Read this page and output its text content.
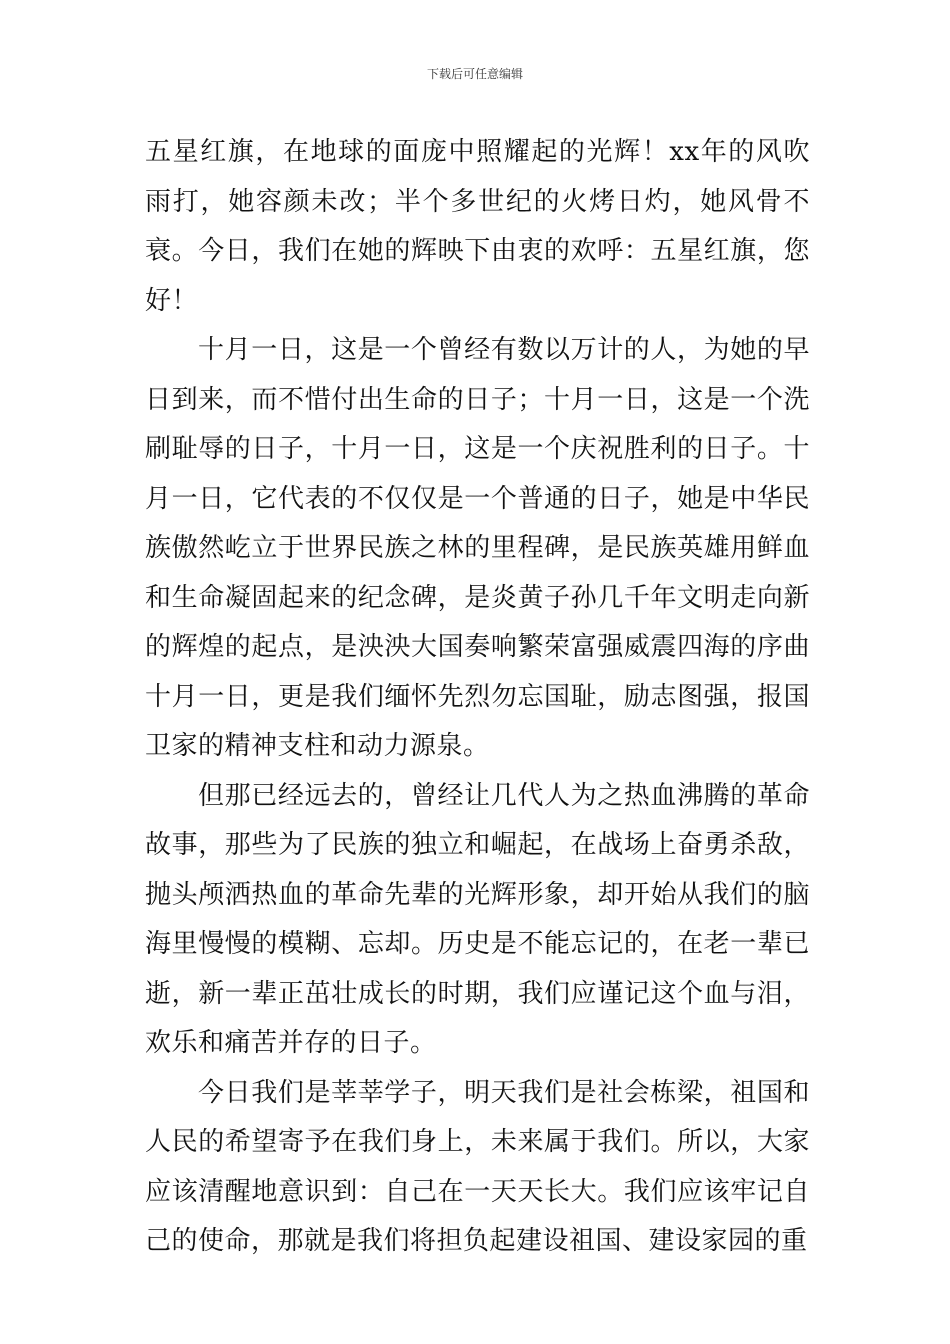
下载后可任意编辑

五星红旗，在地球的面庞中照耀起的光辉！xx年的风吹雨打，她容颜未改；半个多世纪的火烤日灼，她风骨不衰。今日，我们在她的辉映下由衷的欢呼：五星红旗，您好！

十月一日，这是一个曾经有数以万计的人，为她的早日到来，而不惜付出生命的日子；十月一日，这是一个洗刷耻辱的日子，十月一日，这是一个庆祝胜利的日子。十月一日，它代表的不仅仅是一个普通的日子，她是中华民族傲然屹立于世界民族之林的里程碑，是民族英雄用鲜血和生命凝固起来的纪念碑，是炎黄子孙几千年文明走向新的辉煌的起点，是泱泱大国奏响繁荣富强威震四海的序曲十月一日，更是我们缅怀先烈勿忘国耻，励志图强，报国卫家的精神支柱和动力源泉。

但那已经远去的，曾经让几代人为之热血沸腾的革命故事，那些为了民族的独立和崛起，在战场上奋勇杀敌，抛头颅洒热血的革命先辈的光辉形象，却开始从我们的脑海里慢慢的模糊、忘却。历史是不能忘记的，在老一辈已逝，新一辈正茁壮成长的时期，我们应谨记这个血与泪，欢乐和痛苦并存的日子。

今日我们是莘莘学子，明天我们是社会栋梁，祖国和人民的希望寄予在我们身上，未来属于我们。所以，大家应该清醒地意识到：自己在一天天长大。我们应该牢记自己的使命，那就是我们将担负起建设祖国、建设家园的重
